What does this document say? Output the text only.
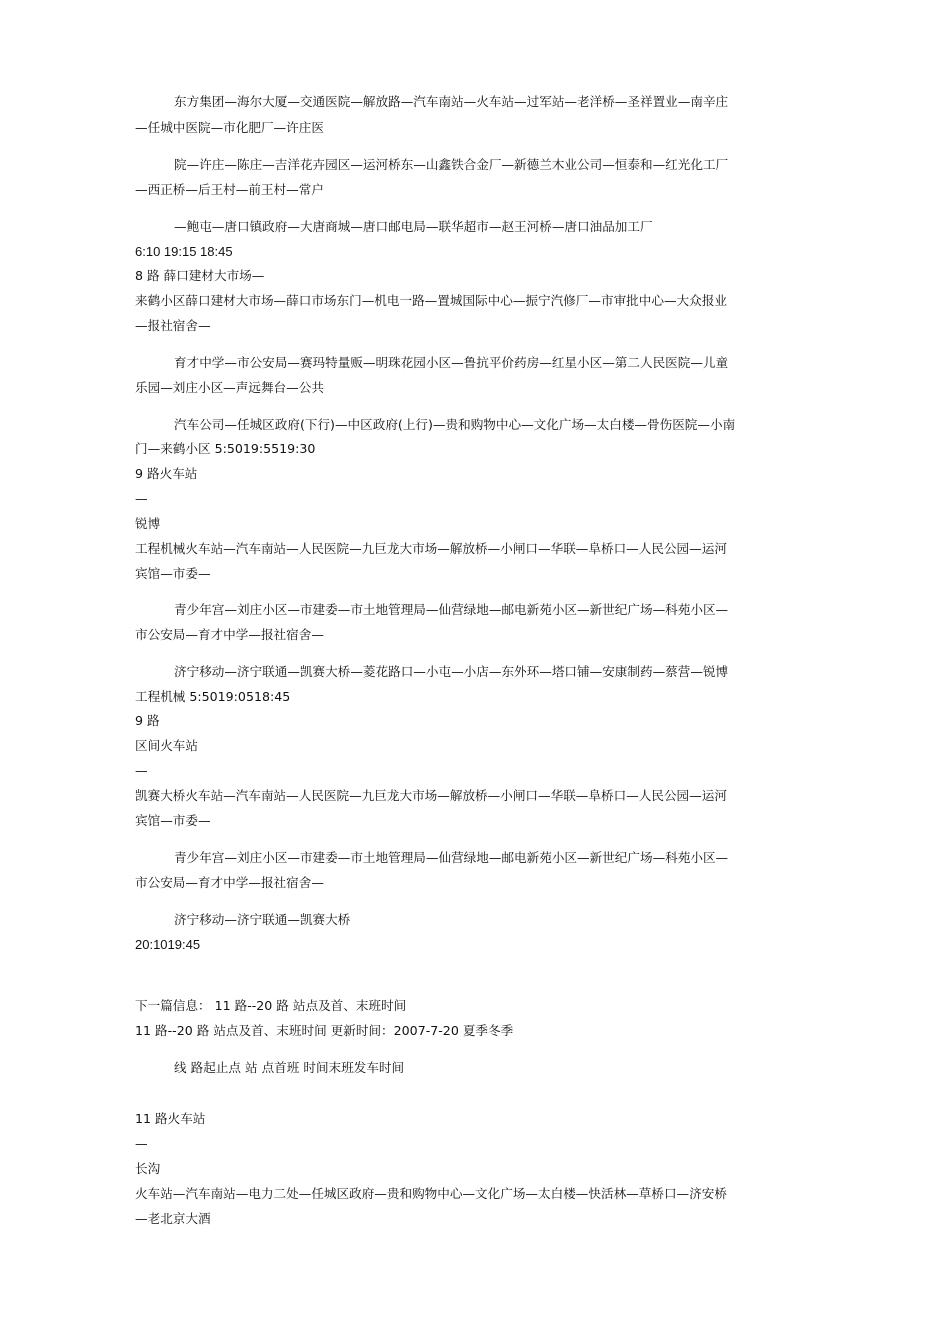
东方集团—海尔大厦—交通医院—解放路—汽车南站—火车站—过军站—老洋桥—圣祥置业—南辛庄
—任城中医院—市化肥厂—许庄医
院—许庄—陈庄—吉洋花卉园区—运河桥东—山鑫铁合金厂—新德兰木业公司—恒泰和—红光化工厂
—西正桥—后王村—前王村—常户
—鲍屯—唐口镇政府—大唐商城—唐口邮电局—联华超市—赵王河桥—唐口油品加工厂
6:10 19:15 18:45
8 路 薛口建材大市场—
来鹤小区薛口建材大市场—薛口市场东门—机电一路—置城国际中心—振宁汽修厂—市审批中心—大众报业
—报社宿舍—
育才中学—市公安局—赛玛特量贩—明珠花园小区—鲁抗平价药房—红星小区—第二人民医院—儿童
乐园—刘庄小区—声远舞台—公共
汽车公司—任城区政府(下行)—中区政府(上行)—贵和购物中心—文化广场—太白楼—骨伤医院—小南
门—来鹤小区 5:5019:5519:30
9 路火车站
—
锐博
工程机械火车站—汽车南站—人民医院—九巨龙大市场—解放桥—小闸口—华联—阜桥口—人民公园—运河
宾馆—市委—
青少年宫—刘庄小区—市建委—市土地管理局—仙营绿地—邮电新苑小区—新世纪广场—科苑小区—
市公安局—育才中学—报社宿舍—
济宁移动—济宁联通—凯赛大桥—菱花路口—小屯—小店—东外环—塔口铺—安康制药—蔡营—锐博
工程机械 5:5019:0518:45
9 路
区间火车站
—
凯赛大桥火车站—汽车南站—人民医院—九巨龙大市场—解放桥—小闸口—华联—阜桥口—人民公园—运河
宾馆—市委—
青少年宫—刘庄小区—市建委—市土地管理局—仙营绿地—邮电新苑小区—新世纪广场—科苑小区—
市公安局—育才中学—报社宿舍—
济宁移动—济宁联通—凯赛大桥
20:1019:45
下一篇信息： 11 路--20 路 站点及首、末班时间
11 路--20 路 站点及首、末班时间 更新时间：2007-7-20 夏季冬季
线 路起止点 站 点首班 时间末班发车时间
11 路火车站
—
长沟
火车站—汽车南站—电力二处—任城区政府—贵和购物中心—文化广场—太白楼—快活林—草桥口—济安桥
—老北京大酒
